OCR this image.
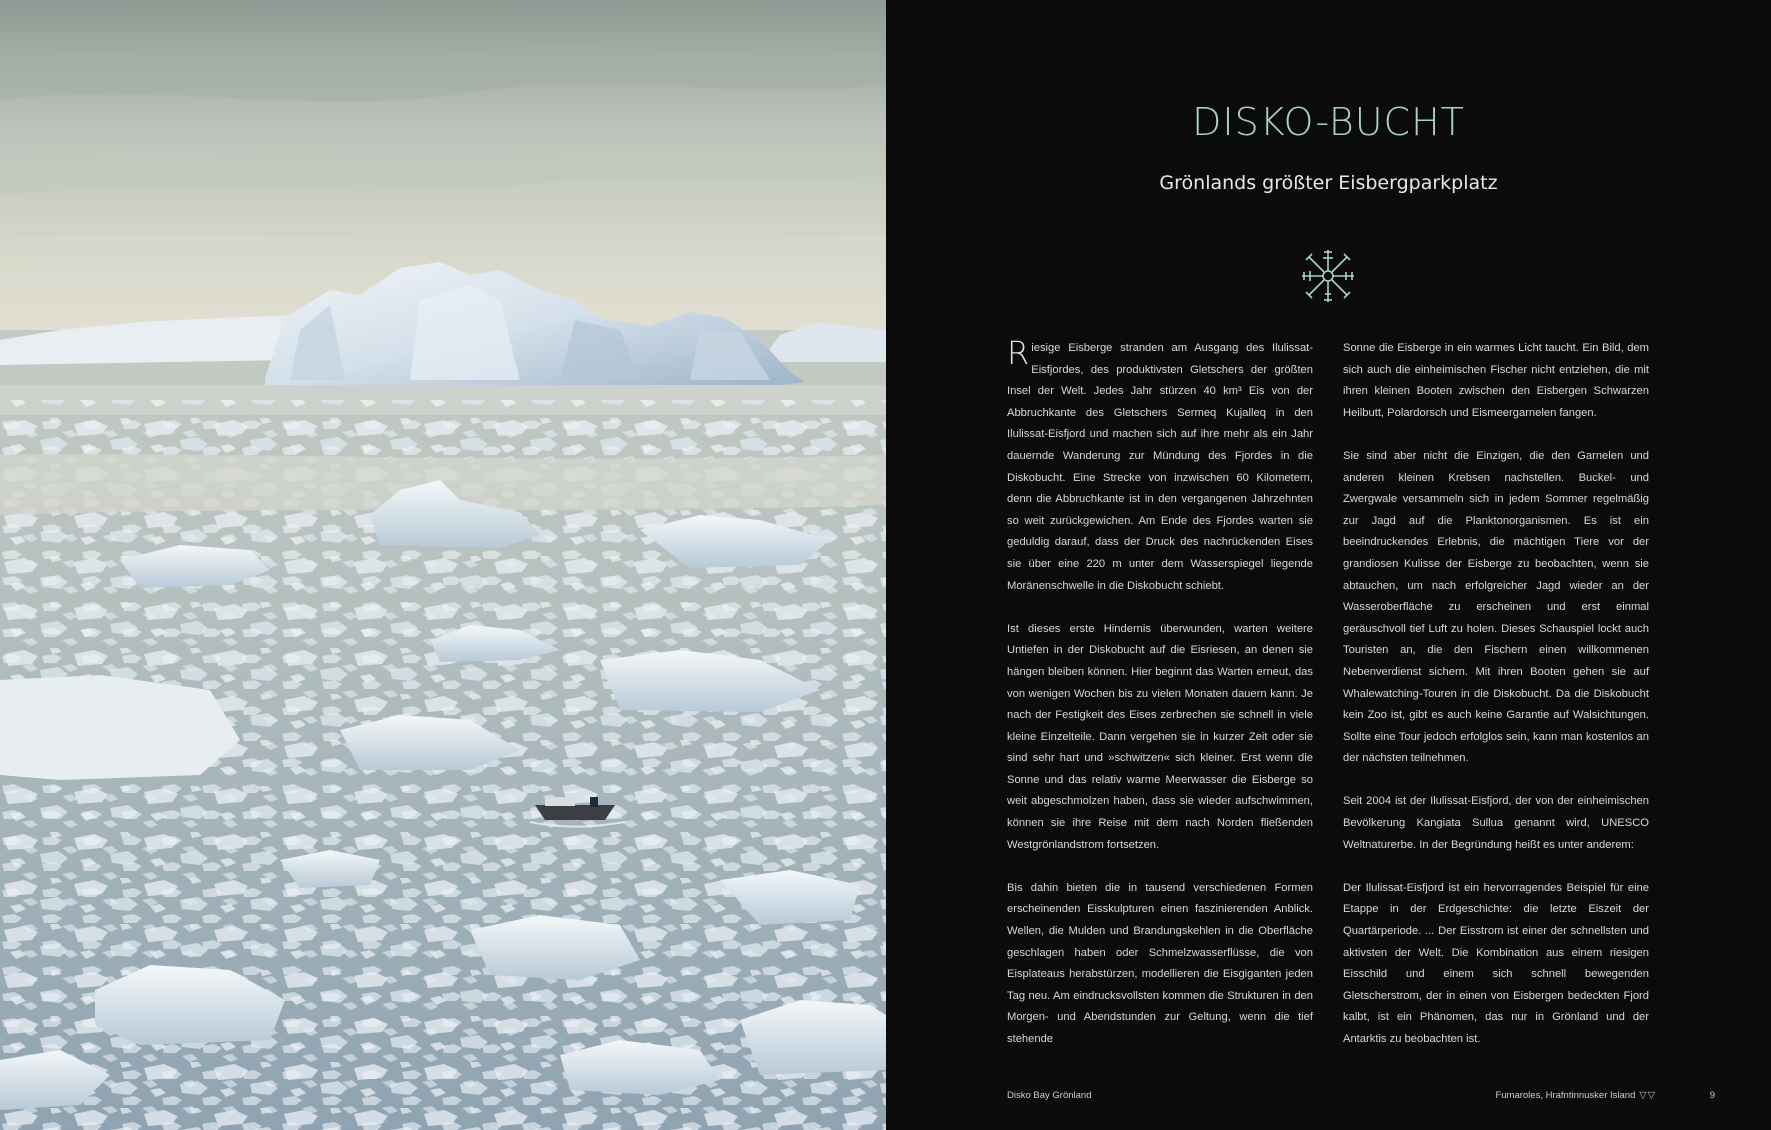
DISKO-BUCHT
Grönlands größter Eisbergparkplatz

Riesige Eisberge stranden am Ausgang des Ilulissat-Eisfjordes, des produktivsten Gletschers der größten Insel der Welt. Jedes Jahr stürzen 40 km³ Eis von der Abbruchkante des Gletschers Sermeq Kujalleq in den Ilulissat-Eisfjord und machen sich auf ihre mehr als ein Jahr dauernde Wanderung zur Mündung des Fjordes in die Diskobucht. Eine Strecke von inzwischen 60 Kilometern, denn die Abbruchkante ist in den vergangenen Jahrzehnten so weit zurückgewichen. Am Ende des Fjordes warten sie geduldig darauf, dass der Druck des nachrückenden Eises sie über eine 220 m unter dem Wasserspiegel liegende Moränenschwelle in die Diskobucht schiebt.

Ist dieses erste Hindernis überwunden, warten weitere Untiefen in der Diskobucht auf die Eisriesen, an denen sie hängen bleiben können. Hier beginnt das Warten erneut, das von wenigen Wochen bis zu vielen Monaten dauern kann. Je nach der Festigkeit des Eises zerbrechen sie schnell in viele kleine Einzelteile. Dann vergehen sie in kurzer Zeit oder sie sind sehr hart und »schwitzen« sich kleiner. Erst wenn die Sonne und das relativ warme Meerwasser die Eisberge so weit abgeschmolzen haben, dass sie wieder aufschwimmen, können sie ihre Reise mit dem nach Norden fließenden Westgrönlandstrom fortsetzen.

Bis dahin bieten die in tausend verschiedenen Formen erscheinenden Eisskulpturen einen faszinierenden Anblick. Wellen, die Mulden und Brandungskehlen in die Oberfläche geschlagen haben oder Schmelzwasserflüsse, die von Eisplateaus herabstürzen, modellieren die Eisgiganten jeden Tag neu. Am eindrucksvollsten kommen die Strukturen in den Morgen- und Abendstunden zur Geltung, wenn die tief stehende

Sonne die Eisberge in ein warmes Licht taucht. Ein Bild, dem sich auch die einheimischen Fischer nicht entziehen, die mit ihren kleinen Booten zwischen den Eisbergen Schwarzen Heilbutt, Polardorsch und Eismeergarnelen fangen.

Sie sind aber nicht die Einzigen, die den Garnelen und anderen kleinen Krebsen nachstellen. Buckel- und Zwergwale versammeln sich in jedem Sommer regelmäßig zur Jagd auf die Planktonorganismen. Es ist ein beeindruckendes Erlebnis, die mächtigen Tiere vor der grandiosen Kulisse der Eisberge zu beobachten, wenn sie abtauchen, um nach erfolgreicher Jagd wieder an der Wasseroberfläche zu erscheinen und erst einmal geräuschvoll tief Luft zu holen. Dieses Schauspiel lockt auch Touristen an, die den Fischern einen willkommenen Nebenverdienst sichern. Mit ihren Booten gehen sie auf Whalewatching-Touren in die Diskobucht. Da die Diskobucht kein Zoo ist, gibt es auch keine Garantie auf Walsichtungen. Sollte eine Tour jedoch erfolglos sein, kann man kostenlos an der nächsten teilnehmen.

Seit 2004 ist der Ilulissat-Eisfjord, der von der einheimischen Bevölkerung Kangiata Sullua genannt wird, UNESCO Weltnaturerbe. In der Begründung heißt es unter anderem:

Der Ilulissat-Eisfjord ist ein hervorragendes Beispiel für eine Etappe in der Erdgeschichte: die letzte Eiszeit der Quartärperiode. ... Der Eisstrom ist einer der schnellsten und aktivsten der Welt. Die Kombination aus einem riesigen Eisschild und einem sich schnell bewegenden Gletscherstrom, der in einen von Eisbergen bedeckten Fjord kalbt, ist ein Phänomen, das nur in Grönland und der Antarktis zu beobachten ist.

Disko Bay Grönland	Fumaroles, Hrafntinnusker Island ▽▽	9
